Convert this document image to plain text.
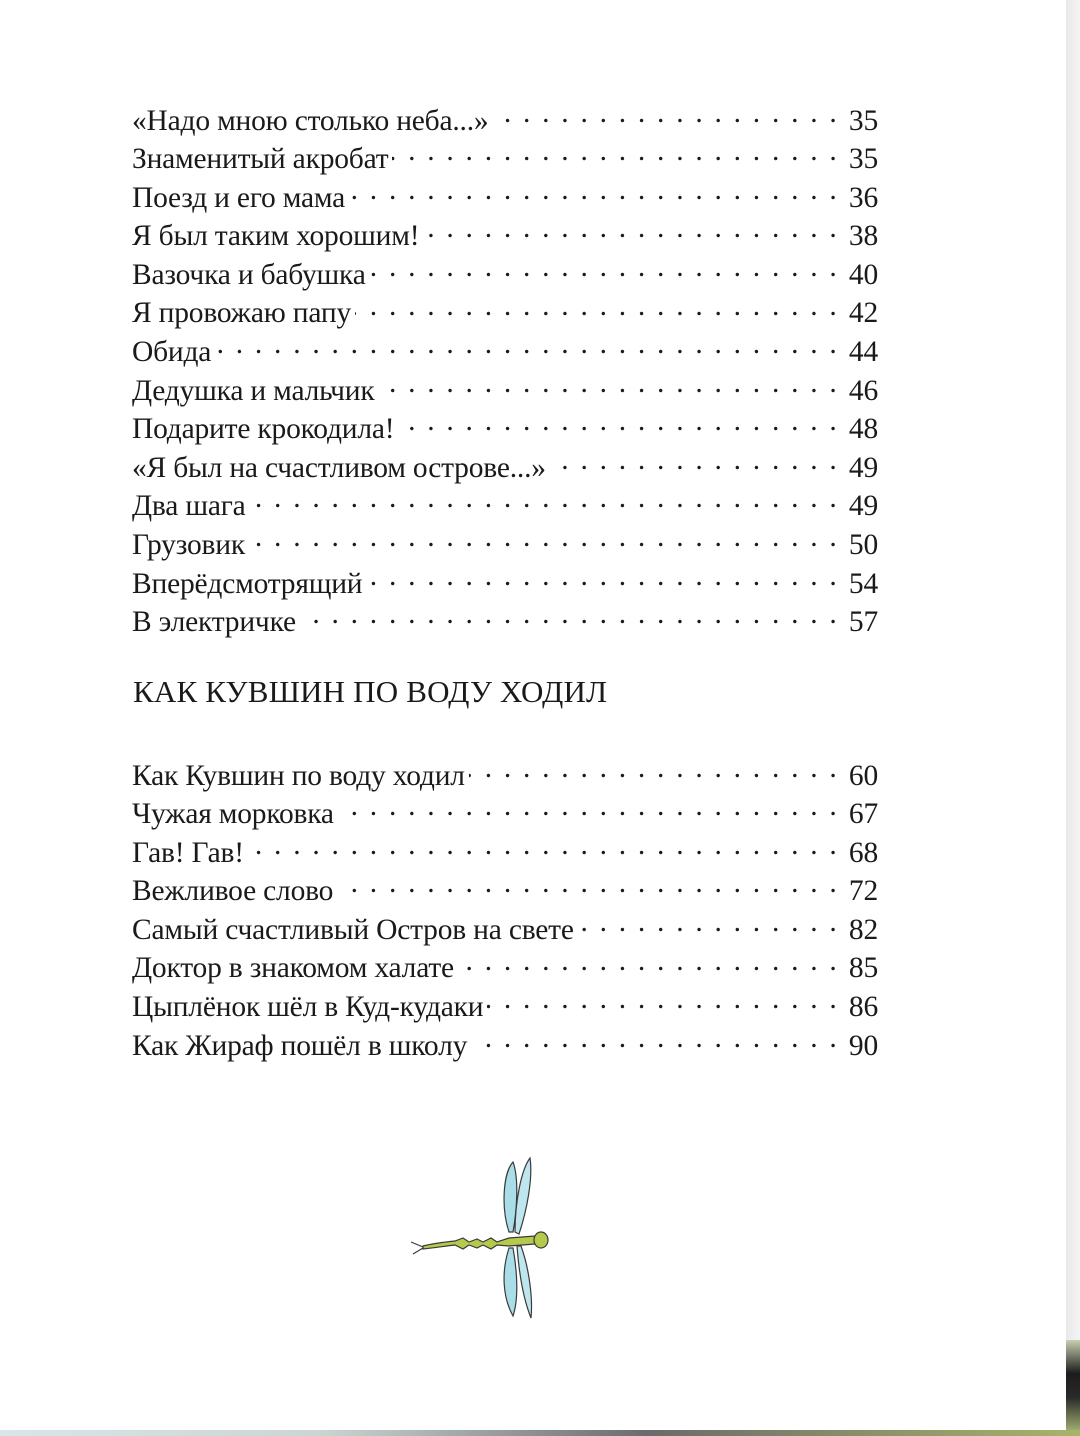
«Надо мною столько неба...» . . .	35
Знаменитый акробат . . .	35
Поезд и его мама . . .	36
Я был таким хорошим! . . .	38
Вазочка и бабушка . . .	40
Я провожаю папу . . .	42
Обида . . .	44
Дедушка и мальчик . . .	46
Подарите крокодила! . . .	48
«Я был на счастливом острове...» . . .	49
Два шага . . .	49
Грузовик . . .	50
Вперёдсмотрящий . . .	54
В электричке . . .	57
КАК КУВШИН ПО ВОДУ ХОДИЛ
Как Кувшин по воду ходил . . .	60
Чужая морковка . . .	67
Гав! Гав! . . .	68
Вежливое слово . . .	72
Самый счастливый Остров на свете . . .	82
Доктор в знакомом халате . . .	85
Цыплёнок шёл в Куд-кудаки . . .	86
Как Жираф пошёл в школу . . .	90
